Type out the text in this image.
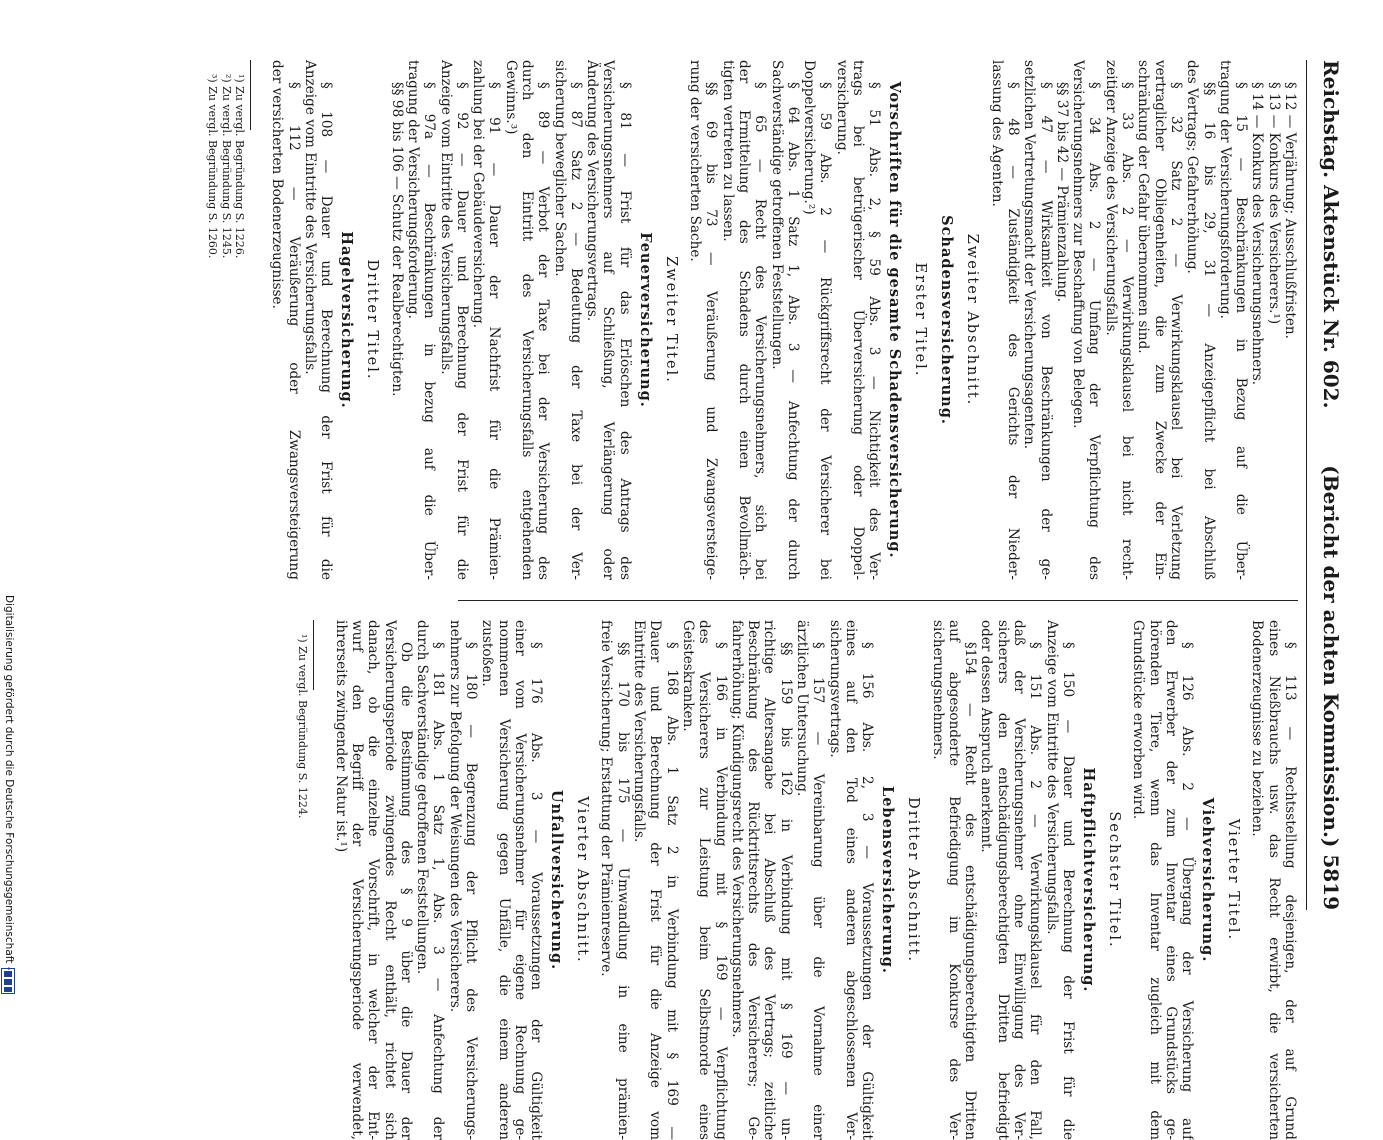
Reichstag. Aktenstück Nr. 602.
(Bericht der achten Kommission.) 5819
§ 12 — Verjährung; Ausschlußfristen.
§ 13 — Konkurs des Versicherers.¹)
§ 14 — Konkurs des Versicherungsnehmers.
§ 15 — Beschränkungen in Bezug auf die Über-
tragung der Versicherungsforderung.
§§ 16 bis 29, 31 — Anzeigepflicht bei Abschluß
des Vertrags; Gefahrerhöhung.
§ 32 Satz 2 — Verwirkungsklausel bei Verletzung
vertraglicher Obliegenheiten, die zum Zwecke der Ein-
schränkung der Gefahr übernommen sind.
§ 33 Abs. 2 — Verwirkungsklausel bei nicht recht-
zeitiger Anzeige des Versicherungsfalls.
§ 34 Abs. 2 — Umfang der Verpflichtung des
Versicherungsnehmers zur Beschaffung von Belegen.
§§ 37 bis 42 — Prämienzahlung.
§ 47 — Wirksamkeit von Beschränkungen der ge-
setzlichen Vertretungsmacht der Versicherungsagenten.
§ 48 — Zuständigkeit des Gerichts der Nieder-
lassung des Agenten.
Zweiter Abschnitt.
Schadensversicherung.
Erster Titel.
Vorschriften für die gesamte Schadensversicherung.
§ 51 Abs. 2, § 59 Abs. 3 — Nichtigkeit des Ver-
trags bei betrügerischer Überversicherung oder Doppel-
versicherung.
§ 59 Abs. 2 — Rückgriffsrecht der Versicherer bei
Doppelversicherung.²)
§ 64 Abs. 1 Satz 1, Abs. 3 — Anfechtung der durch
Sachverständige getroffenen Feststellungen.
§ 65 — Recht des Versicherungsnehmers, sich bei
der Ermittelung des Schadens durch einen Bevollmäch-
tigten vertreten zu lassen.
§§ 69 bis 73 — Veräußerung und Zwangsversteige-
rung der versicherten Sache.
Zweiter Titel.
Feuerversicherung.
§ 81 — Frist für das Erlöschen des Antrags des
Versicherungsnehmers auf Schließung, Verlängerung oder
Änderung des Versicherungsvertrags.
§ 87 Satz 2 — Bedeutung der Taxe bei der Ver-
sicherung beweglicher Sachen.
§ 89 — Verbot der Taxe bei der Versicherung des
durch den Eintritt des Versicherungsfalls entgehenden
Gewinns.³)
§ 91 — Dauer der Nachfrist für die Prämien-
zahlung bei der Gebäudeversicherung.
§ 92 — Dauer und Berechnung der Frist für die
Anzeige vom Eintritte des Versicherungsfalls.
§ 97a — Beschränkungen in bezug auf die Über-
tragung der Versicherungsforderung.
§§ 98 bis 106 — Schutz der Realberechtigten.
Dritter Titel.
Hagelversicherung.
§ 108 — Dauer und Berechnung der Frist für die
Anzeige vom Eintritte des Versicherungsfalls.
§ 112 — Veräußerung oder Zwangsversteigerung
der versicherten Bodenerzeugnisse.
¹) Zu vergl. Begründung S. 1226.
²) Zu vergl. Begründung S. 1245.
³) Zu vergl. Begründung S. 1260.
§ 113 — Rechtsstellung desjenigen, der auf Grund
eines Nießbrauchs usw. das Recht erwirbt, die versicherten
Bodenerzeugnisse zu beziehen.
Vierter Titel.
Viehversicherung.
§ 126 Abs. 2 — Übergang der Versicherung auf
den Erwerber der zum Inventar eines Grundstücks ge-
hörenden Tiere, wenn das Inventar zugleich mit dem
Grundstücke erworben wird.
Sechster Titel.
Haftpflichtversicherung.
§ 150 — Dauer und Berechnung der Frist für die
Anzeige vom Eintritte des Versicherungsfalls.
§ 151 Abs. 2 — Verwirkungsklausel für den Fall,
daß der Versicherungsnehmer ohne Einwilligung des Ver-
sicherers den entschädigungsberechtigten Dritten befriedigt
oder dessen Anspruch anerkennt.
§154 — Recht des entschädigungsberechtigten Dritten
auf abgesonderte Befriedigung im Konkurse des Ver-
sicherungsnehmers.
Dritter Abschnitt.
Lebensversicherung.
§ 156 Abs. 2, 3 — Voraussetzungen der Gültigkeit
eines auf den Tod eines anderen abgeschlossenen Ver-
sicherungsvertrags.
§ 157 — Vereinbarung über die Vornahme einer
ärztlichen Untersuchung.
§§ 159 bis 162 in Verbindung mit § 169 — un-
richtige Altersangabe bei Abschluß des Vertrags; zeitliche
Beschränkung des Rücktrittsrechts des Versicherers; Ge-
fahrerhöhung; Kündigungsrecht des Versicherungsnehmers.
§ 166 in Verbindung mit § 169 — Verpflichtung
des Versicherers zur Leistung beim Selbstmorde eines
Geisteskranken.
§ 168 Abs. 1 Satz 2 in Verbindung mit § 169 —
Dauer und Berechnung der Frist für die Anzeige vom
Eintritte des Versicherungsfalls.
§§ 170 bis 175 — Umwandlung in eine prämien-
freie Versicherung; Erstattung der Prämienreserve.
Vierter Abschnitt.
Unfallversicherung.
§ 176 Abs. 3 — Voraussetzungen der Gültigkeit
einer vom Versicherungsnehmer für eigene Rechnung ge-
nommenen Versicherung gegen Unfälle, die einem anderen
zustoßen.
§ 180 — Begrenzung der Pflicht des Versicherungs-
nehmers zur Befolgung der Weisungen des Versicherers.
§ 181 Abs. 1 Satz 1, Abs. 3 — Anfechtung der
durch Sachverständige getroffenen Feststellungen.
Ob die Bestimmung des § 9 über die Dauer der
Versicherungsperiode zwingendes Recht enthält, richtet sich
danach, ob die einzelne Vorschrift, in welcher der Ent-
wurf den Begriff der Versicherungsperiode verwendet,
ihrerseits zwingender Natur ist.¹)
¹) Zu vergl. Begründung S. 1224.
Digitalisierung gefördert durch die Deutsche Forschungsgemeinschaft -
